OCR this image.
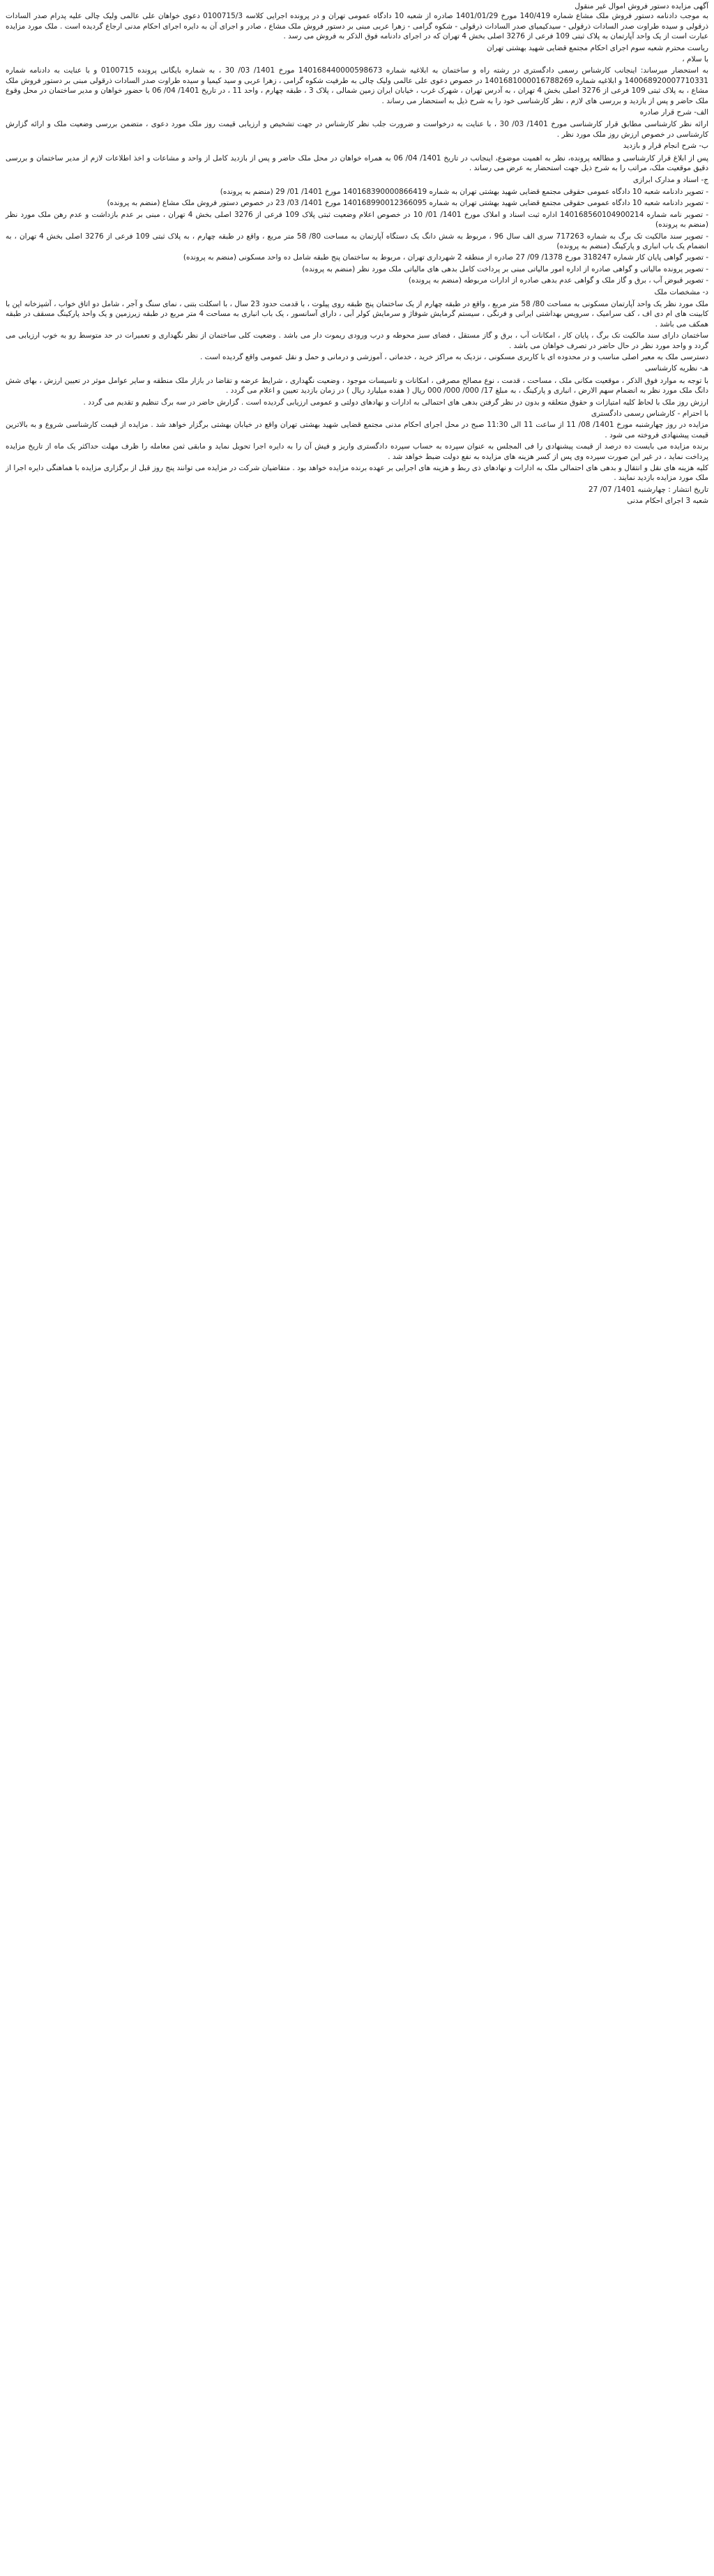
آگهی مزایده دستور فروش اموال غیر منقول

به موجب دادنامه دستور فروش ملک مشاع شماره 140/419 مورخ 1401/01/29 صادره از شعبه 10 دادگاه عمومی تهران و در پرونده اجرایی کلاسه 0100715/3 دعوی خواهان علی عالمی ولیک چالی علیه پدرام صدر السادات ذرقولی و سیده طراوت صدر السادات ذرقولی - سیدکیمیای صدر السادات ذرقولی - شکوه گرامی - زهرا عربی مبنی بر دستور فروش ملک مشاع ، صادر و اجرای آن به دایره اجرای احکام مدنی ارجاع گردیده است . ملک مورد مزایده عبارت است از یک واحد آپارتمان به پلاک ثبتی 109 فرعی از 3276 اصلی بخش 4 تهران که در اجرای دادنامه فوق الذکر به فروش می رسد .

ریاست محترم شعبه سوم اجرای احکام مجتمع قضایی شهید بهشتی تهران

با سلام ،

به استحضار میرساند: اینجانب کارشناس رسمی دادگستری در رشته راه و ساختمان به ابلاغیه شماره 140168440000598673 مورخ 1401/ 03/ 30 ، به شماره بایگانی پرونده 0100715 و با عنایت به دادنامه شماره 140068920007710331 و ابلاغیه شماره 1401681000016788269 در خصوص دعوی علی عالمی ولیک چالی به طرفیت شکوه گرامی ، زهرا عربی و سید کیمیا و سیده طراوت صدر السادات ذرقولی مبنی بر دستور فروش ملک مشاع ، به پلاک ثبتی 109 فرعی از 3276 اصلی بخش 4 تهران ، به آدرس تهران ، شهرک غرب ، خیابان ایران زمین شمالی ، پلاک 3 ، طبقه چهارم ، واحد 11 ، در تاریخ 1401/ 04/ 06 با حضور خواهان و مدیر ساختمان در محل وقوع ملک حاضر و پس از بازدید و بررسی های لازم ، نظر کارشناسی خود را به شرح ذیل به استحضار می رساند .

الف- شرح قرار صادره

ارائه نظر کارشناسی مطابق قرار کارشناسی مورخ 1401/ 03/ 30 ، با عنایت به درخواست و ضرورت جلب نظر کارشناس در جهت تشخیص و ارزیابی قیمت روز ملک مورد دعوی ، متضمن بررسی وضعیت ملک و ارائه گزارش کارشناسی در خصوص ارزش روز ملک مورد نظر .

ب- شرح انجام قرار و بازدید

پس از ابلاغ قرار کارشناسی و مطالعه پرونده، نظر به اهمیت موضوع، اینجانب در تاریخ 1401/ 04/ 06 به همراه خواهان در محل ملک حاضر و پس از بازدید کامل از واحد و مشاعات و اخذ اطلاعات لازم از مدیر ساختمان و بررسی دقیق موقعیت ملک، مراتب را به شرح ذیل جهت استحضار به عرض می رساند .

ج- اسناد و مدارک ابرازی

- تصویر دادنامه شعبه 10 دادگاه عمومی حقوقی مجتمع قضایی شهید بهشتی تهران به شماره 140168390000866419 مورخ 1401/ 01/ 29 (منضم به پرونده)

- تصویر دادنامه شعبه 10 دادگاه عمومی حقوقی مجتمع قضایی شهید بهشتی تهران به شماره 140168990012366095 مورخ 1401/ 03/ 23 در خصوص دستور فروش ملک مشاع (منضم به پرونده)

- تصویر نامه شماره 140168560104900214 اداره ثبت اسناد و املاک مورخ 1401/ 01/ 10 در خصوص اعلام وضعیت ثبتی پلاک 109 فرعی از 3276 اصلی بخش 4 تهران ، مبنی بر عدم بازداشت و عدم رهن ملک مورد نظر (منضم به پرونده)

- تصویر سند مالکیت تک برگ به شماره 717263 سری الف سال 96 ، مربوط به شش دانگ یک دستگاه آپارتمان به مساحت 80/ 58 متر مربع ، واقع در طبقه چهارم ، به پلاک ثبتی 109 فرعی از 3276 اصلی بخش 4 تهران ، به انضمام یک باب انباری و پارکینگ (منضم به پرونده)

- تصویر گواهی پایان کار شماره 318247 مورخ 1378/ 09/ 27 صادره از منطقه 2 شهرداری تهران ، مربوط به ساختمان پنج طبقه شامل ده واحد مسکونی (منضم به پرونده)

- تصویر پرونده مالیاتی و گواهی صادره از اداره امور مالیاتی مبنی بر پرداخت کامل بدهی های مالیاتی ملک مورد نظر (منضم به پرونده)

- تصویر قبوض آب ، برق و گاز ملک و گواهی عدم بدهی صادره از ادارات مربوطه (منضم به پرونده)

د- مشخصات ملک

ملک مورد نظر یک واحد آپارتمان مسکونی به مساحت 80/ 58 متر مربع ، واقع در طبقه چهارم از یک ساختمان پنج طبقه روی پیلوت ، با قدمت حدود 23 سال ، با اسکلت بتنی ، نمای سنگ و آجر ، شامل دو اتاق خواب ، آشپزخانه اپن با کابینت های ام دی اف ، کف سرامیک ، سرویس بهداشتی ایرانی و فرنگی ، سیستم گرمایش شوفاژ و سرمایش کولر آبی ، دارای آسانسور ، یک باب انباری به مساحت 4 متر مربع در طبقه زیرزمین و یک واحد پارکینگ مسقف در طبقه همکف می باشد .

ساختمان دارای سند مالکیت تک برگ ، پایان کار ، امکانات آب ، برق و گاز مستقل ، فضای سبز محوطه و درب ورودی ریموت دار می باشد . وضعیت کلی ساختمان از نظر نگهداری و تعمیرات در حد متوسط رو به خوب ارزیابی می گردد و واحد مورد نظر در حال حاضر در تصرف خواهان می باشد .

دسترسی ملک به معبر اصلی مناسب و در محدوده ای با کاربری مسکونی ، نزدیک به مراکز خرید ، خدماتی ، آموزشی و درمانی و حمل و نقل عمومی واقع گردیده است .

هـ- نظریه کارشناسی

با توجه به موارد فوق الذکر ، موقعیت مکانی ملک ، مساحت ، قدمت ، نوع مصالح مصرفی ، امکانات و تاسیسات موجود ، وضعیت نگهداری ، شرایط عرضه و تقاضا در بازار ملک منطقه و سایر عوامل موثر در تعیین ارزش ، بهای شش دانگ ملک مورد نظر به انضمام سهم الارض ، انباری و پارکینگ ، به مبلغ 17/ 000/ 000/ 000 ریال ( هفده میلیارد ریال ) در زمان بازدید تعیین و اعلام می گردد .

ارزش روز ملک با لحاظ کلیه امتیازات و حقوق متعلقه و بدون در نظر گرفتن بدهی های احتمالی به ادارات و نهادهای دولتی و عمومی ارزیابی گردیده است . گزارش حاضر در سه برگ تنظیم و تقدیم می گردد .

با احترام - کارشناس رسمی دادگستری

مزایده در روز چهارشنبه مورخ 1401/ 08/ 11 از ساعت 11 الی 11:30 صبح در محل اجرای احکام مدنی مجتمع قضایی شهید بهشتی تهران واقع در خیابان بهشتی برگزار خواهد شد . مزایده از قیمت کارشناسی شروع و به بالاترین قیمت پیشنهادی فروخته می شود .

برنده مزایده می بایست ده درصد از قیمت پیشنهادی را فی المجلس به عنوان سپرده به حساب سپرده دادگستری واریز و فیش آن را به دایره اجرا تحویل نماید و مابقی ثمن معامله را ظرف مهلت حداکثر یک ماه از تاریخ مزایده پرداخت نماید ، در غیر این صورت سپرده وی پس از کسر هزینه های مزایده به نفع دولت ضبط خواهد شد .

کلیه هزینه های نقل و انتقال و بدهی های احتمالی ملک به ادارات و نهادهای ذی ربط و هزینه های اجرایی بر عهده برنده مزایده خواهد بود . متقاضیان شرکت در مزایده می توانند پنج روز قبل از برگزاری مزایده با هماهنگی دایره اجرا از ملک مورد مزایده بازدید نمایند .

تاریخ انتشار : چهارشنبه 1401/ 07/ 27

شعبه 3 اجرای احکام مدنی
